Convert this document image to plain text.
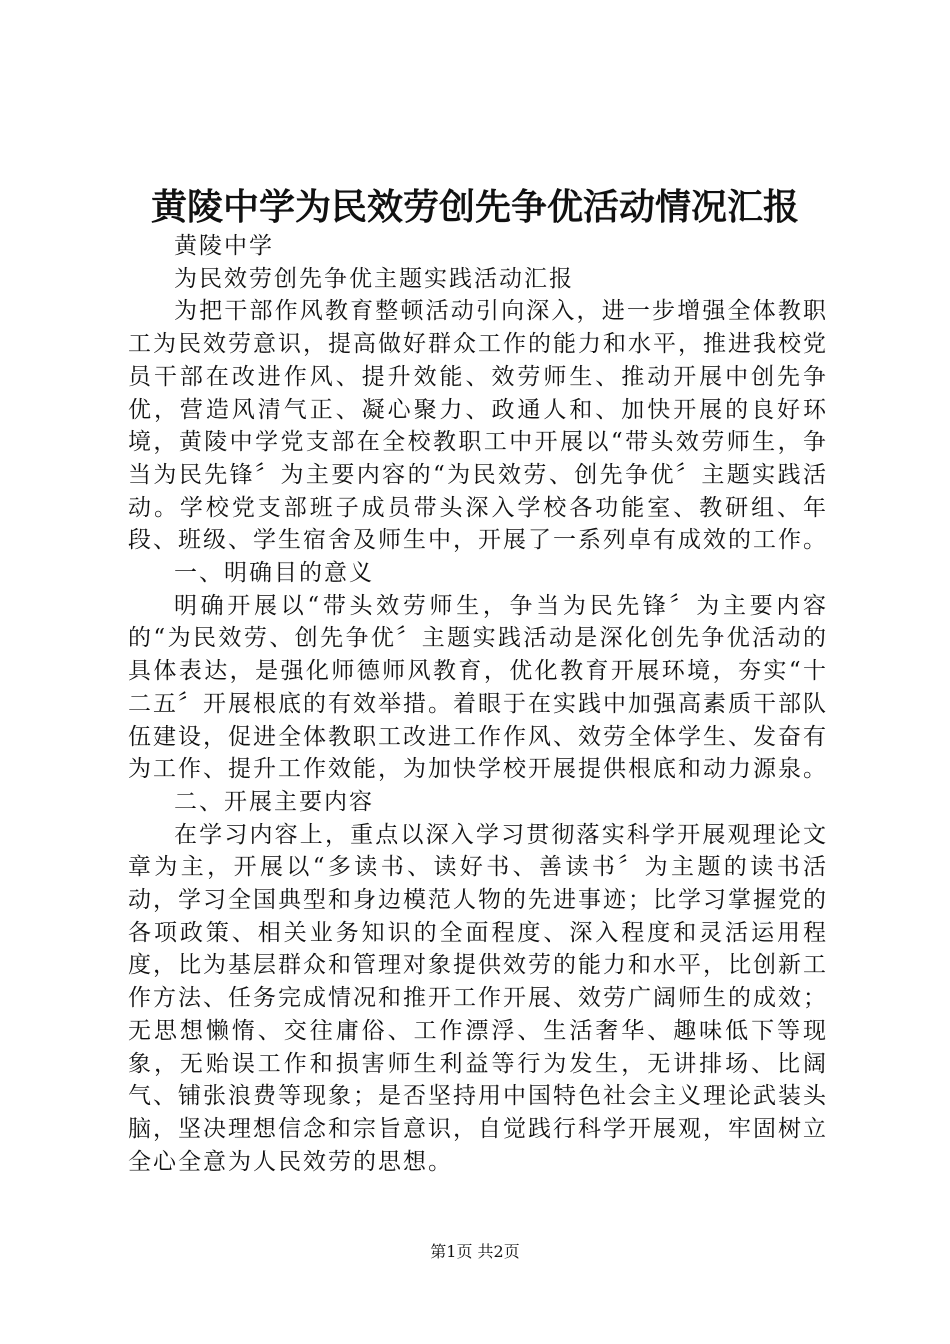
黄陵中学为民效劳创先争优活动情况汇报

黄陵中学

为民效劳创先争优主题实践活动汇报

为把干部作风教育整顿活动引向深入，进一步增强全体教职工为民效劳意识，提高做好群众工作的能力和水平，推进我校党员干部在改进作风、提升效能、效劳师生、推动开展中创先争优，营造风清气正、凝心聚力、政通人和、加快开展的良好环境，黄陵中学党支部在全校教职工中开展以“带头效劳师生，争当为民先锋〞为主要内容的“为民效劳、创先争优〞主题实践活动。学校党支部班子成员带头深入学校各功能室、教研组、年段、班级、学生宿舍及师生中，开展了一系列卓有成效的工作。

一、明确目的意义

明确开展以“带头效劳师生，争当为民先锋〞为主要内容的“为民效劳、创先争优〞主题实践活动是深化创先争优活动的具体表达，是强化师德师风教育，优化教育开展环境，夯实“十二五〞开展根底的有效举措。着眼于在实践中加强高素质干部队伍建设，促进全体教职工改进工作作风、效劳全体学生、发奋有为工作、提升工作效能，为加快学校开展提供根底和动力源泉。

二、开展主要内容

在学习内容上，重点以深入学习贯彻落实科学开展观理论文章为主，开展以“多读书、读好书、善读书〞为主题的读书活动，学习全国典型和身边模范人物的先进事迹；比学习掌握党的各项政策、相关业务知识的全面程度、深入程度和灵活运用程度，比为基层群众和管理对象提供效劳的能力和水平，比创新工作方法、任务完成情况和推开工作开展、效劳广阔师生的成效；无思想懒惰、交往庸俗、工作漂浮、生活奢华、趣味低下等现象，无贻误工作和损害师生利益等行为发生，无讲排场、比阔气、铺张浪费等现象；是否坚持用中国特色社会主义理论武装头脑，坚决理想信念和宗旨意识，自觉践行科学开展观，牢固树立全心全意为人民效劳的思想。

第1页 共2页
